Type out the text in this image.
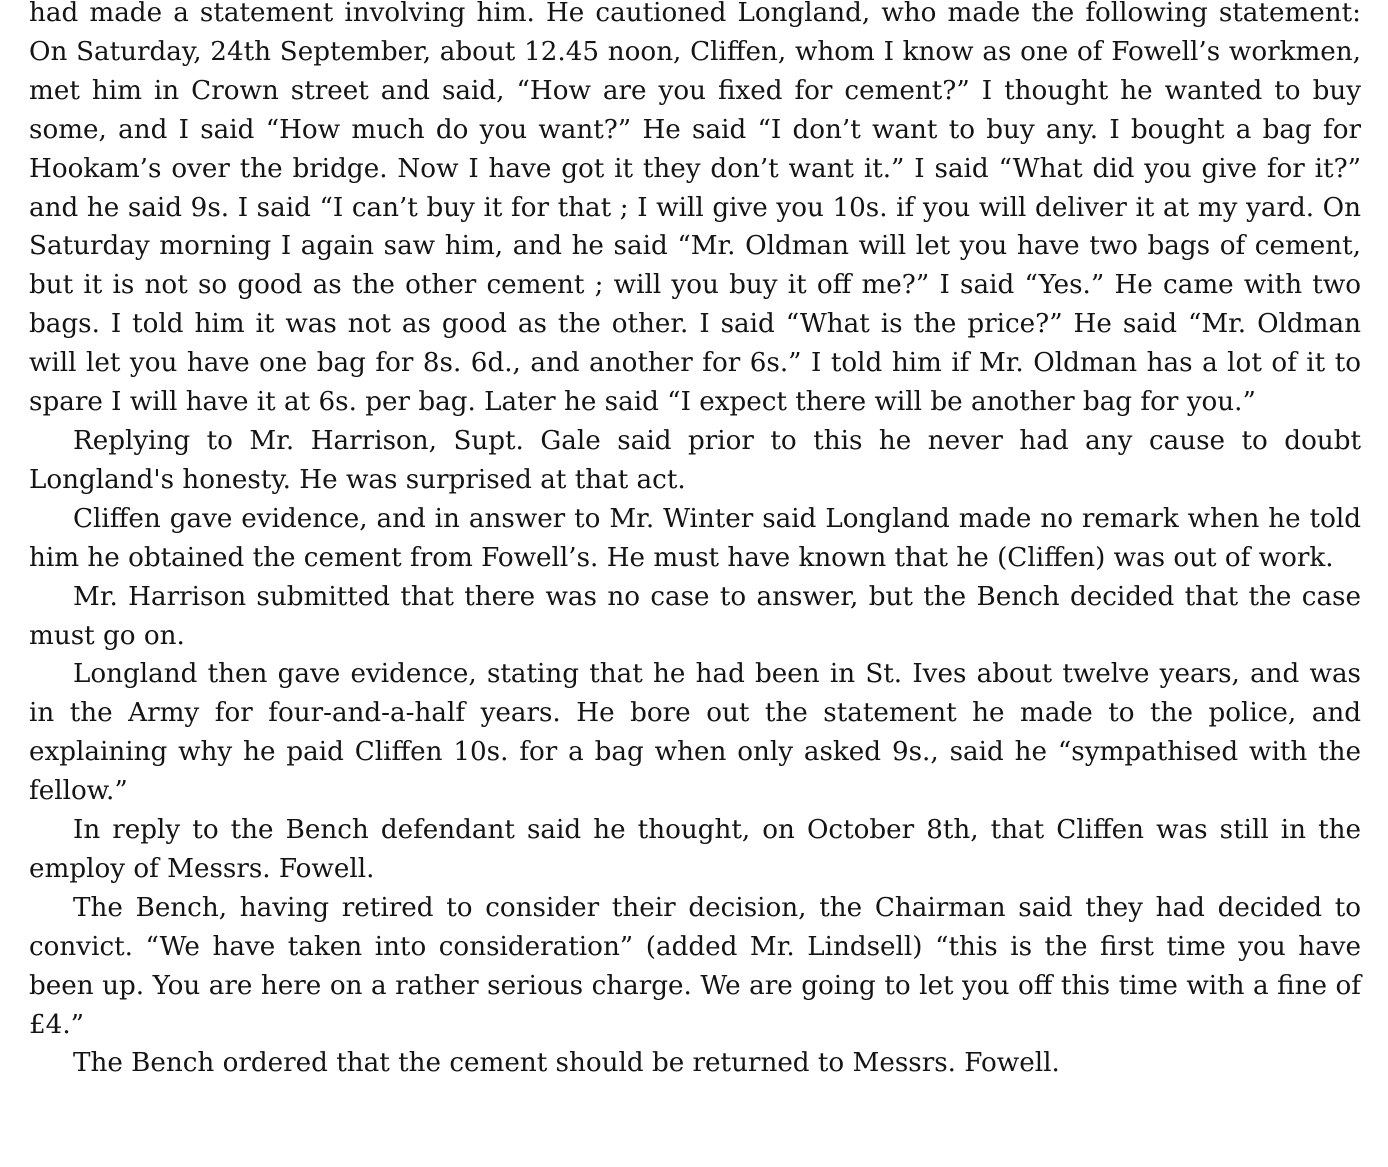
had made a statement involving him. He cautioned Longland, who made the following statement: On Saturday, 24th September, about 12.45 noon, Cliffen, whom I know as one of Fowell’s workmen, met him in Crown street and said, “How are you fixed for cement?” I thought he wanted to buy some, and I said “How much do you want?” He said “I don’t want to buy any. I bought a bag for Hookam’s over the bridge. Now I have got it they don’t want it.” I said “What did you give for it?” and he said 9s. I said “I can’t buy it for that ; I will give you 10s. if you will deliver it at my yard. On Saturday morning I again saw him, and he said “Mr. Oldman will let you have two bags of cement, but it is not so good as the other cement ; will you buy it off me?” I said “Yes.” He came with two bags. I told him it was not as good as the other. I said “What is the price?” He said “Mr. Oldman will let you have one bag for 8s. 6d., and another for 6s.” I told him if Mr. Oldman has a lot of it to spare I will have it at 6s. per bag. Later he said “I expect there will be another bag for you.”

Replying to Mr. Harrison, Supt. Gale said prior to this he never had any cause to doubt Longland's honesty. He was surprised at that act.

Cliffen gave evidence, and in answer to Mr. Winter said Longland made no remark when he told him he obtained the cement from Fowell’s. He must have known that he (Cliffen) was out of work.

Mr. Harrison submitted that there was no case to answer, but the Bench decided that the case must go on.

Longland then gave evidence, stating that he had been in St. Ives about twelve years, and was in the Army for four-and-a-half years. He bore out the statement he made to the police, and explaining why he paid Cliffen 10s. for a bag when only asked 9s., said he “sympathised with the fellow.”

In reply to the Bench defendant said he thought, on October 8th, that Cliffen was still in the employ of Messrs. Fowell.

The Bench, having retired to consider their decision, the Chairman said they had decided to convict. “We have taken into consideration” (added Mr. Lindsell) “this is the first time you have been up. You are here on a rather serious charge. We are going to let you off this time with a fine of £4.”

The Bench ordered that the cement should be returned to Messrs. Fowell.
